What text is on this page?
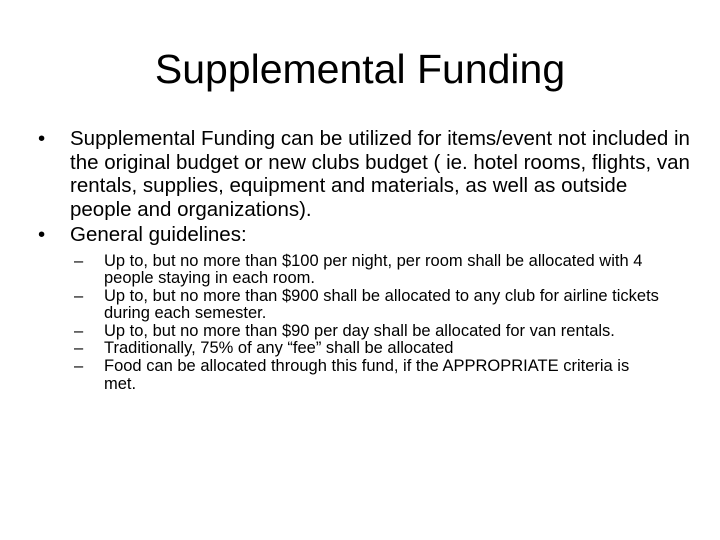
Supplemental Funding
•	Supplemental Funding can be utilized for items/event not included in the original budget or new clubs budget ( ie. hotel rooms, flights, van rentals, supplies, equipment and materials, as well as outside people and organizations).
•	General guidelines:
–	Up to, but no more than $100 per night, per room shall be allocated with 4 people staying in each room.
–	Up to, but no more than $900 shall be allocated to any club for airline tickets during each semester.
–	Up to, but no more than $90 per day shall be allocated for van rentals.
–	Traditionally, 75% of any “fee” shall be allocated
–	Food can be allocated through this fund, if the APPROPRIATE criteria is met.
